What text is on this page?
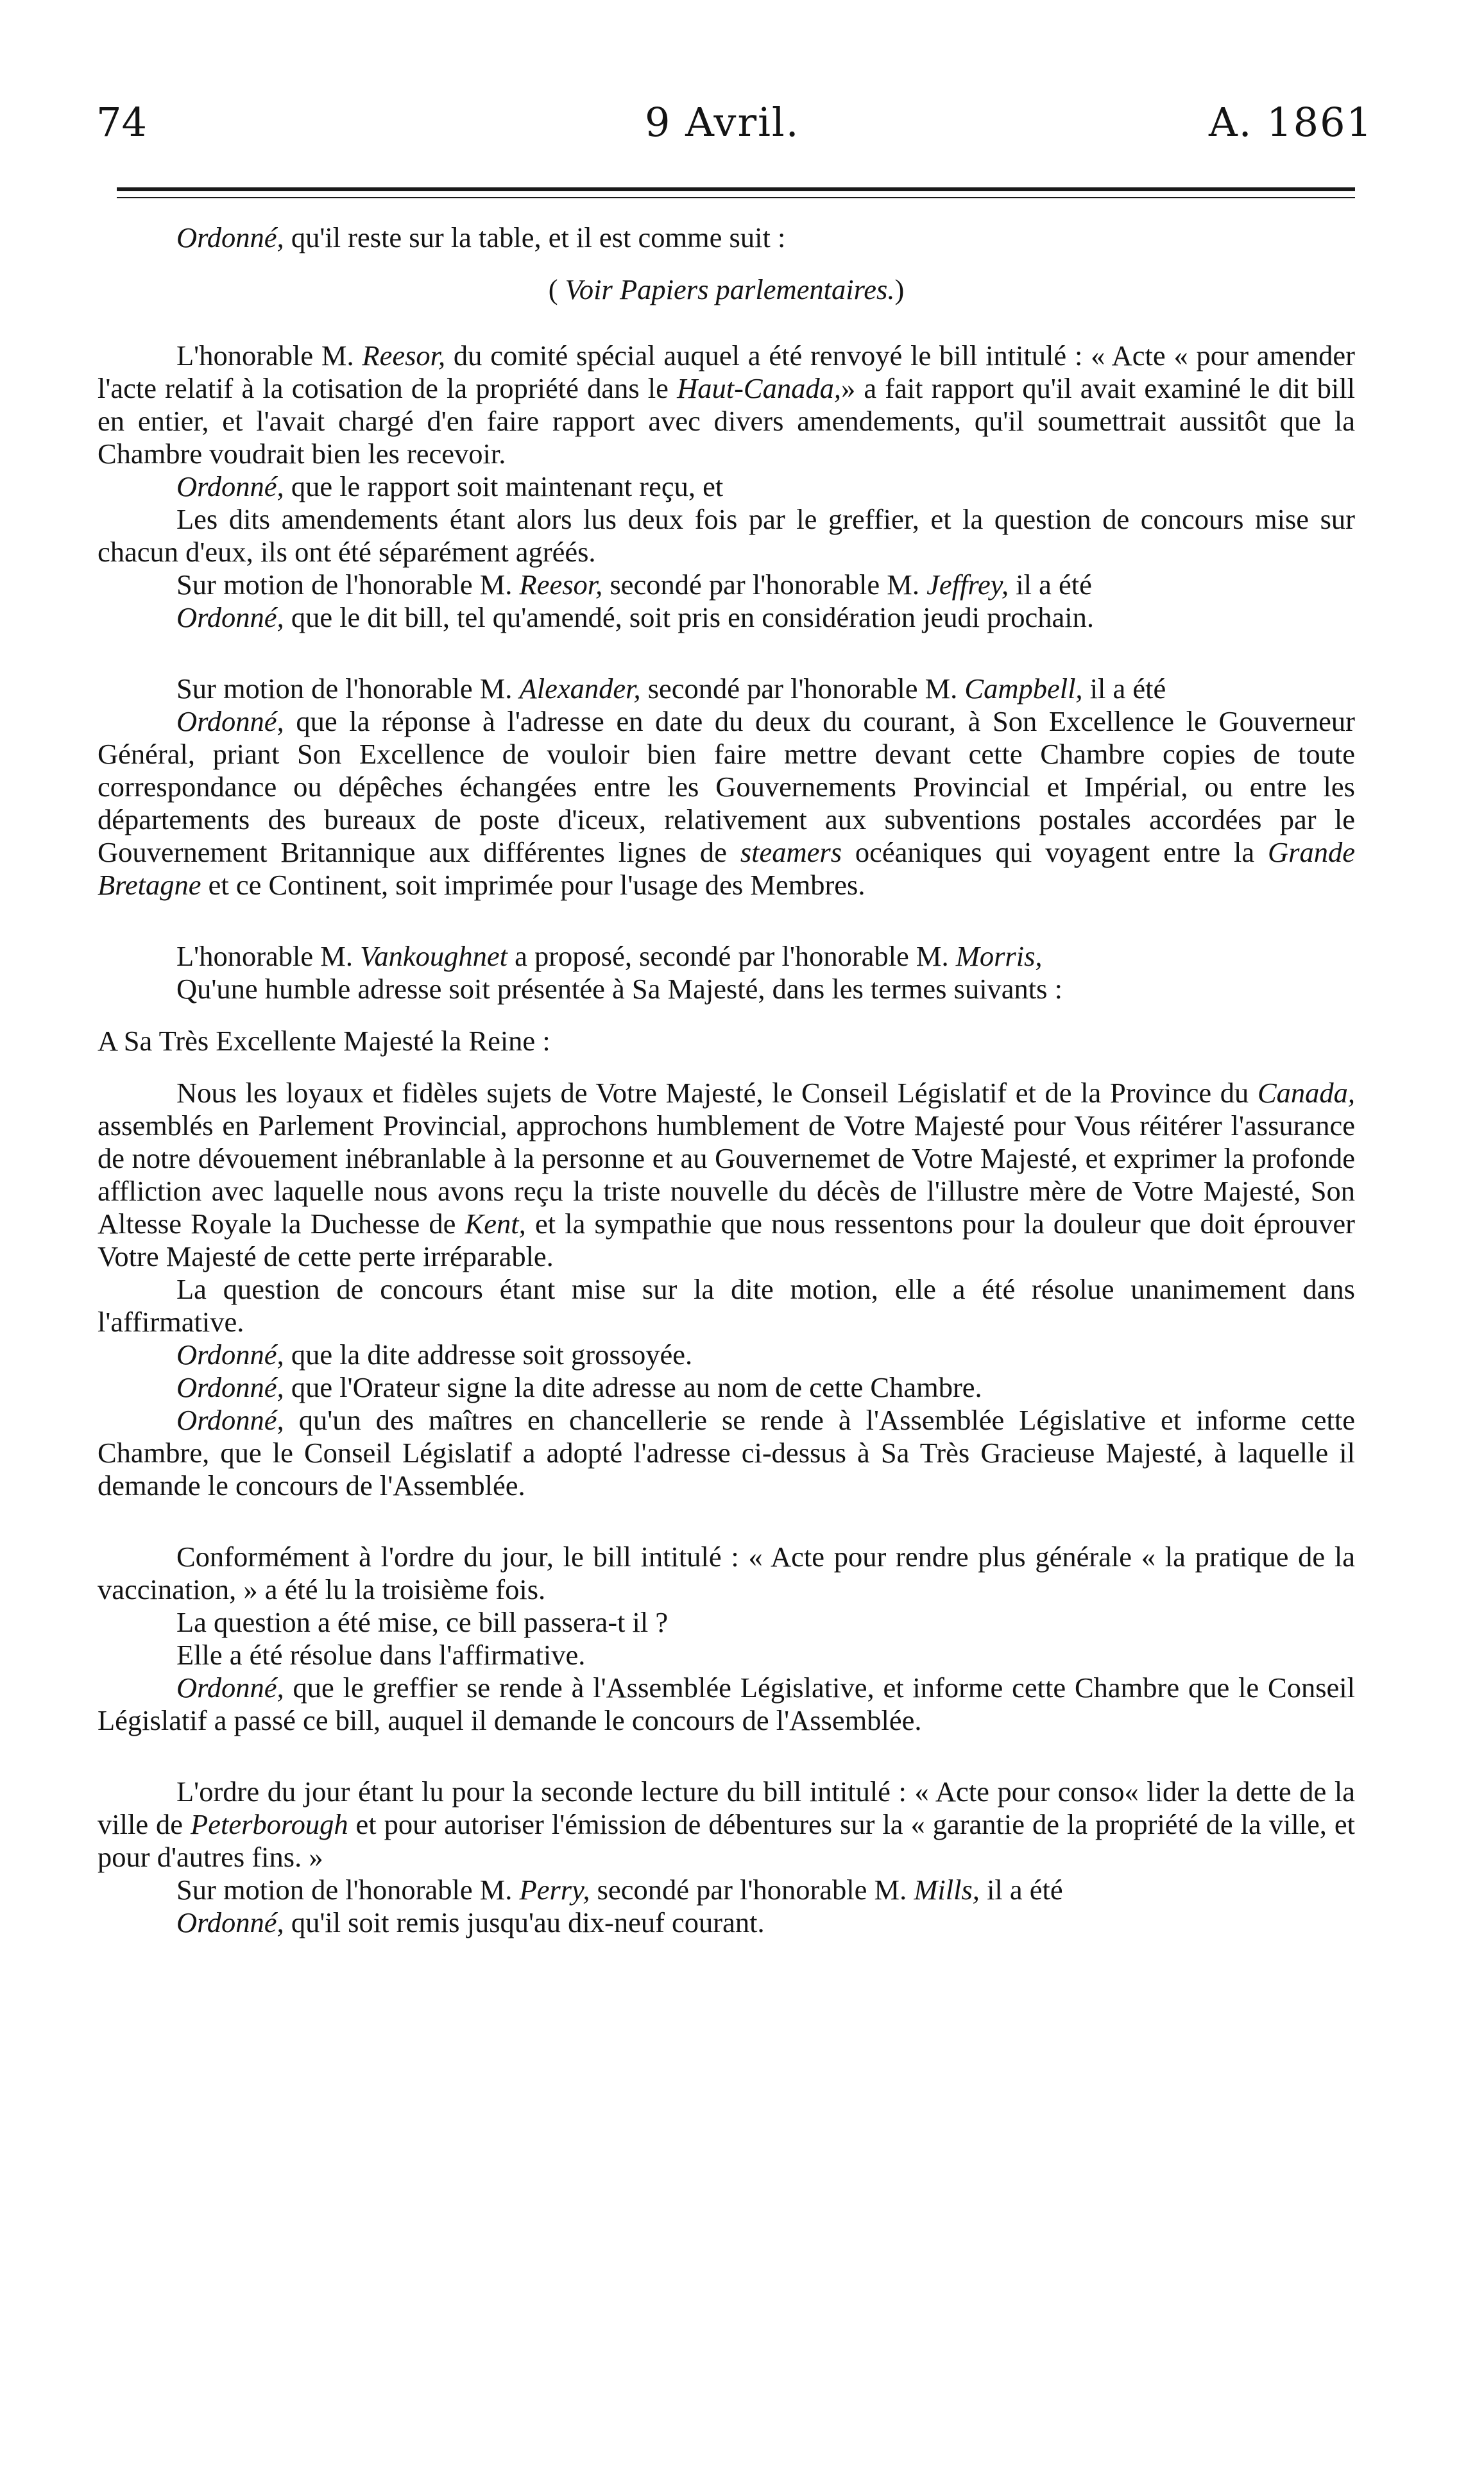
74	9 Avril.	A. 1861

Ordonné, qu'il reste sur la table, et il est comme suit :

( Voir Papiers parlementaires.)

L'honorable M. Reesor, du comité spécial auquel a été renvoyé le bill intitulé : « Acte « pour amender l'acte relatif à la cotisation de la propriété dans le Haut-Canada,» a fait rapport qu'il avait examiné le dit bill en entier, et l'avait chargé d'en faire rapport avec divers amendements, qu'il soumettrait aussitôt que la Chambre voudrait bien les recevoir.

Ordonné, que le rapport soit maintenant reçu, et

Les dits amendements étant alors lus deux fois par le greffier, et la question de concours mise sur chacun d'eux, ils ont été séparément agréés.

Sur motion de l'honorable M. Reesor, secondé par l'honorable M. Jeffrey, il a été

Ordonné, que le dit bill, tel qu'amendé, soit pris en considération jeudi prochain.

Sur motion de l'honorable M. Alexander, secondé par l'honorable M. Campbell, il a été

Ordonné, que la réponse à l'adresse en date du deux du courant, à Son Excellence le Gouverneur Général, priant Son Excellence de vouloir bien faire mettre devant cette Chambre copies de toute correspondance ou dépêches échangées entre les Gouvernements Provincial et Impérial, ou entre les départements des bureaux de poste d'iceux, relativement aux subventions postales accordées par le Gouvernement Britannique aux différentes lignes de steamers océaniques qui voyagent entre la Grande Bretagne et ce Continent, soit imprimée pour l'usage des Membres.

L'honorable M. Vankoughnet a proposé, secondé par l'honorable M. Morris,

Qu'une humble adresse soit présentée à Sa Majesté, dans les termes suivants :

A Sa Très Excellente Majesté la Reine :

Nous les loyaux et fidèles sujets de Votre Majesté, le Conseil Législatif et de la Province du Canada, assemblés en Parlement Provincial, approchons humblement de Votre Majesté pour Vous réitérer l'assurance de notre dévouement inébranlable à la personne et au Gouvernemet de Votre Majesté, et exprimer la profonde affliction avec laquelle nous avons reçu la triste nouvelle du décès de l'illustre mère de Votre Majesté, Son Altesse Royale la Duchesse de Kent, et la sympathie que nous ressentons pour la douleur que doit éprouver Votre Majesté de cette perte irréparable.

La question de concours étant mise sur la dite motion, elle a été résolue unanimement dans l'affirmative.

Ordonné, que la dite addresse soit grossoyée.

Ordonné, que l'Orateur signe la dite adresse au nom de cette Chambre.

Ordonné, qu'un des maîtres en chancellerie se rende à l'Assemblée Législative et informe cette Chambre, que le Conseil Législatif a adopté l'adresse ci-dessus à Sa Très Gracieuse Majesté, à laquelle il demande le concours de l'Assemblée.

Conformément à l'ordre du jour, le bill intitulé : « Acte pour rendre plus générale « la pratique de la vaccination, » a été lu la troisième fois.

La question a été mise, ce bill passera-t il ?

Elle a été résolue dans l'affirmative.

Ordonné, que le greffier se rende à l'Assemblée Législative, et informe cette Chambre que le Conseil Législatif a passé ce bill, auquel il demande le concours de l'Assemblée.

L'ordre du jour étant lu pour la seconde lecture du bill intitulé : « Acte pour conso« lider la dette de la ville de Peterborough et pour autoriser l'émission de débentures sur la « garantie de la propriété de la ville, et pour d'autres fins. »

Sur motion de l'honorable M. Perry, secondé par l'honorable M. Mills, il a été

Ordonné, qu'il soit remis jusqu'au dix-neuf courant.
